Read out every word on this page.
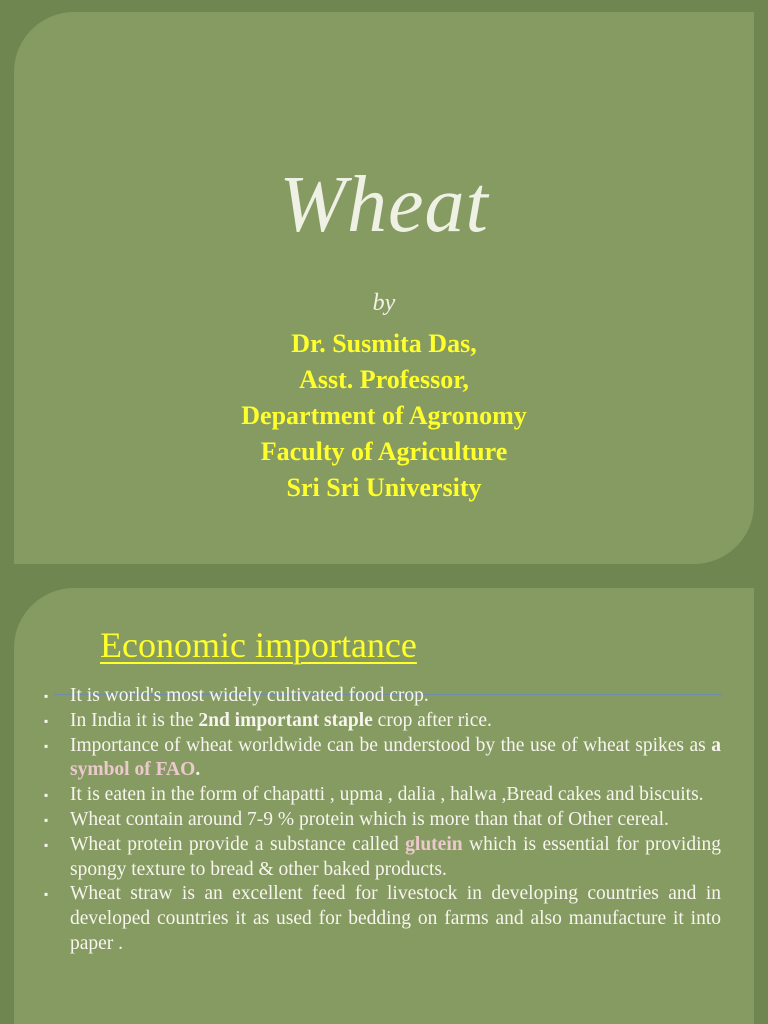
Wheat
by
Dr. Susmita Das,
Asst. Professor,
Department of Agronomy
Faculty of Agriculture
Sri Sri University
Economic importance
▪ It is world's most widely cultivated food crop.
▪ In India it is the 2nd important staple crop after rice.
▪ Importance of wheat worldwide can be understood by the use of wheat spikes as a symbol of FAO.
▪ It is eaten in the form of chapatti , upma , dalia , halwa ,Bread cakes and biscuits.
▪ Wheat contain around 7-9 % protein which is more than that of Other cereal.
▪ Wheat protein provide a substance called glutein which is essential for providing spongy texture to bread & other baked products.
▪ Wheat straw is an excellent feed for livestock in developing countries and in developed countries it as used for bedding on farms and also manufacture it into paper .
